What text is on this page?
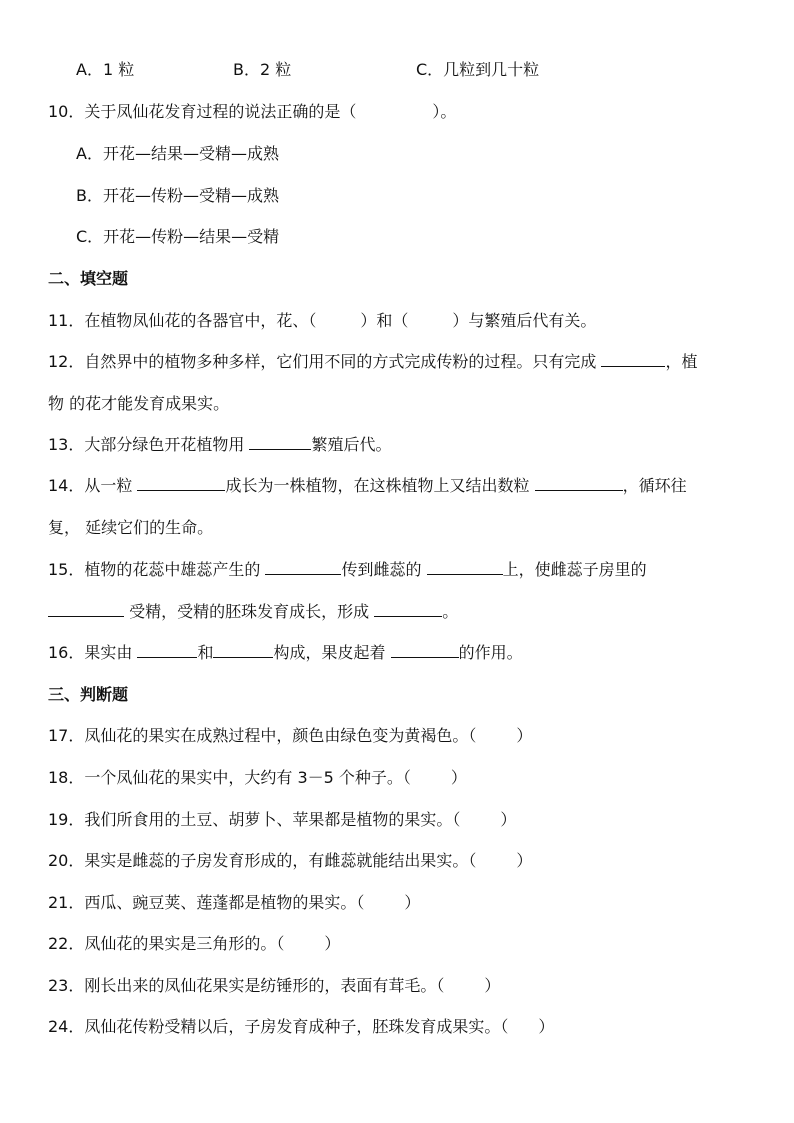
A．1 粒	B．2 粒	C．几粒到几十粒
10．关于凤仙花发育过程的说法正确的是（	）。
A．开花—结果—受精—成熟
B．开花—传粉—受精—成熟
C．开花—传粉—结果—受精
二、填空题
11．在植物凤仙花的各器官中，花、（	）和（	）与繁殖后代有关。
12．自然界中的植物多种多样，它们用不同的方式完成传粉的过程。只有完成	，植
物 的花才能发育成果实。
13．大部分绿色开花植物用	繁殖后代。
14．从一粒	成长为一株植物，在这株植物上又结出数粒	，循环往
复， 延续它们的生命。
15．植物的花蕊中雄蕊产生的	传到雌蕊的	上，使雌蕊子房里的
受精，受精的胚珠发育成长，形成	。
16．果实由	和	构成，果皮起着	的作用。
三、判断题
17．凤仙花的果实在成熟过程中，颜色由绿色变为黄褐色。（	）
18．一个凤仙花的果实中，大约有 3－5 个种子。（	）
19．我们所食用的土豆、胡萝卜、苹果都是植物的果实。（	）
20．果实是雌蕊的子房发育形成的，有雌蕊就能结出果实。（	）
21．西瓜、豌豆荚、莲蓬都是植物的果实。（	）
22．凤仙花的果实是三角形的。（	）
23．刚长出来的凤仙花果实是纺锤形的，表面有茸毛。（	）
24．凤仙花传粉受精以后，子房发育成种子，胚珠发育成果实。（ ）
